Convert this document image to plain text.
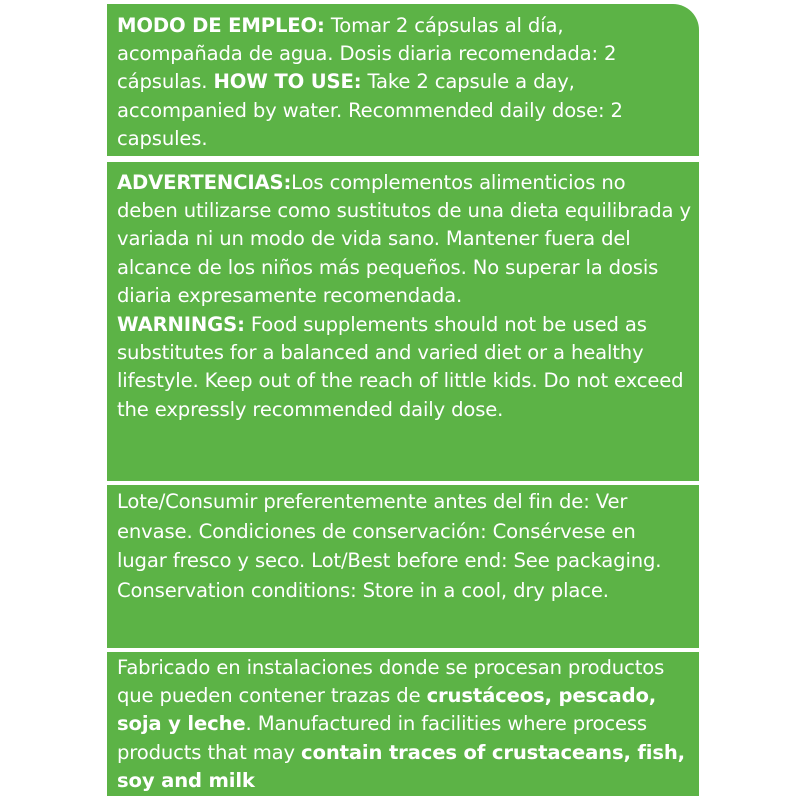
MODO DE EMPLEO: Tomar 2 cápsulas al día, acompañada de agua. Dosis diaria recomendada: 2 cápsulas. HOW TO USE: Take 2 capsule a day, accompanied by water. Recommended daily dose: 2 capsules.

ADVERTENCIAS:Los complementos alimenticios no deben utilizarse como sustitutos de una dieta equilibrada y variada ni un modo de vida sano. Mantener fuera del alcance de los niños más pequeños. No superar la dosis diaria expresamente recomendada.

WARNINGS: Food supplements should not be used as substitutes for a balanced and varied diet or a healthy lifestyle. Keep out of the reach of little kids. Do not exceed the expressly recommended daily dose.

Lote/Consumir preferentemente antes del fin de: Ver envase. Condiciones de conservación: Consérvese en lugar fresco y seco. Lot/Best before end: See packaging. Conservation conditions: Store in a cool, dry place.

Fabricado en instalaciones donde se procesan productos que pueden contener trazas de crustáceos, pescado, soja y leche. Manufactured in facilities where process products that may contain traces of crustaceans, fish, soy and milk
